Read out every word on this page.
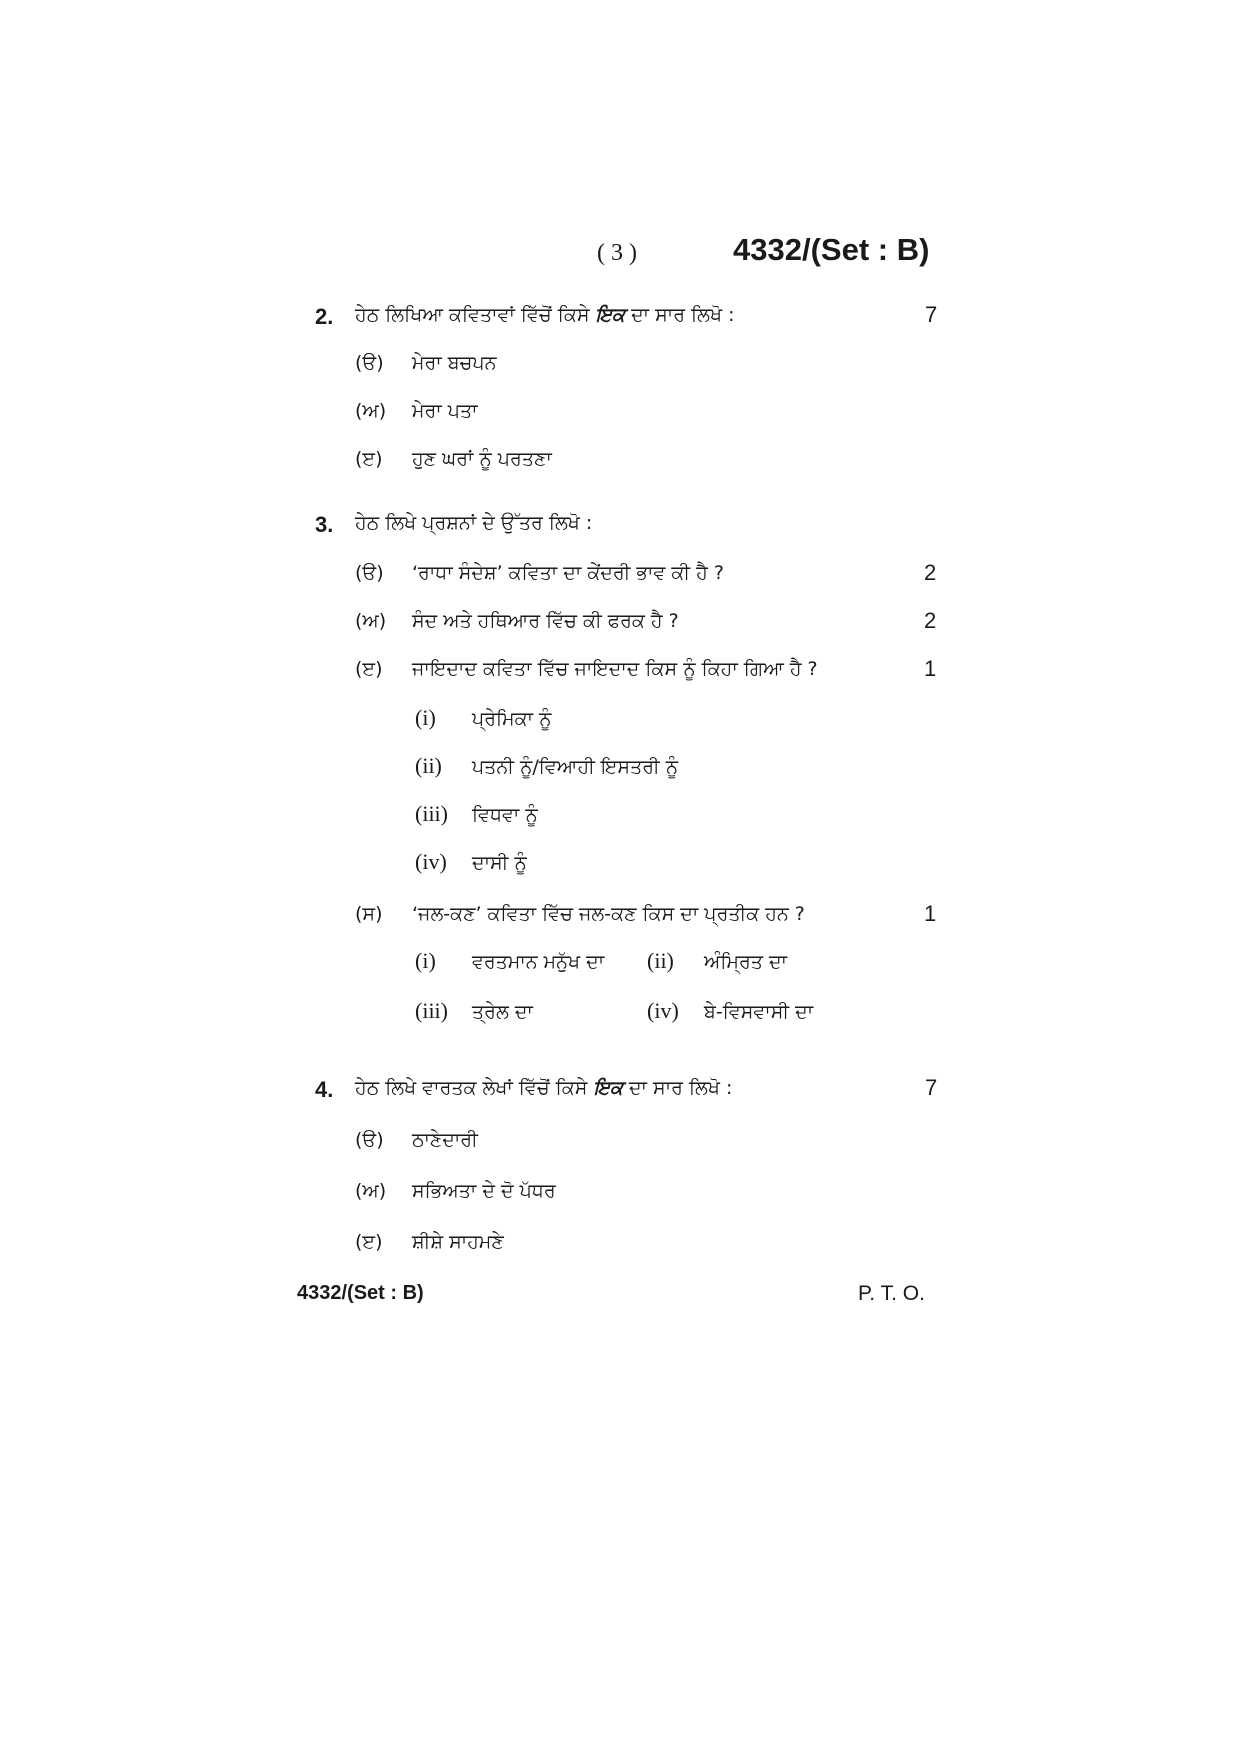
( 3 )	4332/(Set : B)
2. ਹੇਠ ਲਿਖਿਆ ਕਵਿਤਾਵਾਂ ਵਿੱਚੋਂ ਕਿਸੇ ਇਕ ਦਾ ਸਾਰ ਲਿਖੋ :	7
(ੳ) ਮੇਰਾ ਬਚਪਨ
(ਅ) ਮੇਰਾ ਪਤਾ
(ੲ) ਹੁਣ ਘਰਾਂ ਨੂੰ ਪਰਤਣਾ
3. ਹੇਠ ਲਿਖੇ ਪ੍ਰਸ਼ਨਾਂ ਦੇ ਉੱਤਰ ਲਿਖੋ :
(ੳ) ‘ਰਾਧਾ ਸੰਦੇਸ਼’ ਕਵਿਤਾ ਦਾ ਕੇਂਦਰੀ ਭਾਵ ਕੀ ਹੈ ?	2
(ਅ) ਸੰਦ ਅਤੇ ਹਥਿਆਰ ਵਿੱਚ ਕੀ ਫਰਕ ਹੈ ?	2
(ੲ) ਜਾਇਦਾਦ ਕਵਿਤਾ ਵਿੱਚ ਜਾਇਦਾਦ ਕਿਸ ਨੂੰ ਕਿਹਾ ਗਿਆ ਹੈ ?	1
(i) ਪ੍ਰੇਮਿਕਾ ਨੂੰ
(ii) ਪਤਨੀ ਨੂੰ/ਵਿਆਹੀ ਇਸਤਰੀ ਨੂੰ
(iii) ਵਿਧਵਾ ਨੂੰ
(iv) ਦਾਸੀ ਨੂੰ
(ਸ) ‘ਜਲ-ਕਣ’ ਕਵਿਤਾ ਵਿੱਚ ਜਲ-ਕਣ ਕਿਸ ਦਾ ਪ੍ਰਤੀਕ ਹਨ ?	1
(i) ਵਰਤਮਾਨ ਮਨੁੱਖ ਦਾ (ii) ਅੰਮ੍ਰਿਤ ਦਾ
(iii) ਤ੍ਰੇਲ ਦਾ	(iv) ਬੇ-ਵਿਸਵਾਸੀ ਦਾ
4. ਹੇਠ ਲਿਖੇ ਵਾਰਤਕ ਲੇਖਾਂ ਵਿੱਚੋਂ ਕਿਸੇ ਇਕ ਦਾ ਸਾਰ ਲਿਖੋ :	7
(ੳ) ਠਾਣੇਦਾਰੀ
(ਅ) ਸਭਿਅਤਾ ਦੇ ਦੋ ਪੱਧਰ
(ੲ) ਸ਼ੀਸ਼ੇ ਸਾਹਮਣੇ
4332/(Set : B)	P. T. O.
